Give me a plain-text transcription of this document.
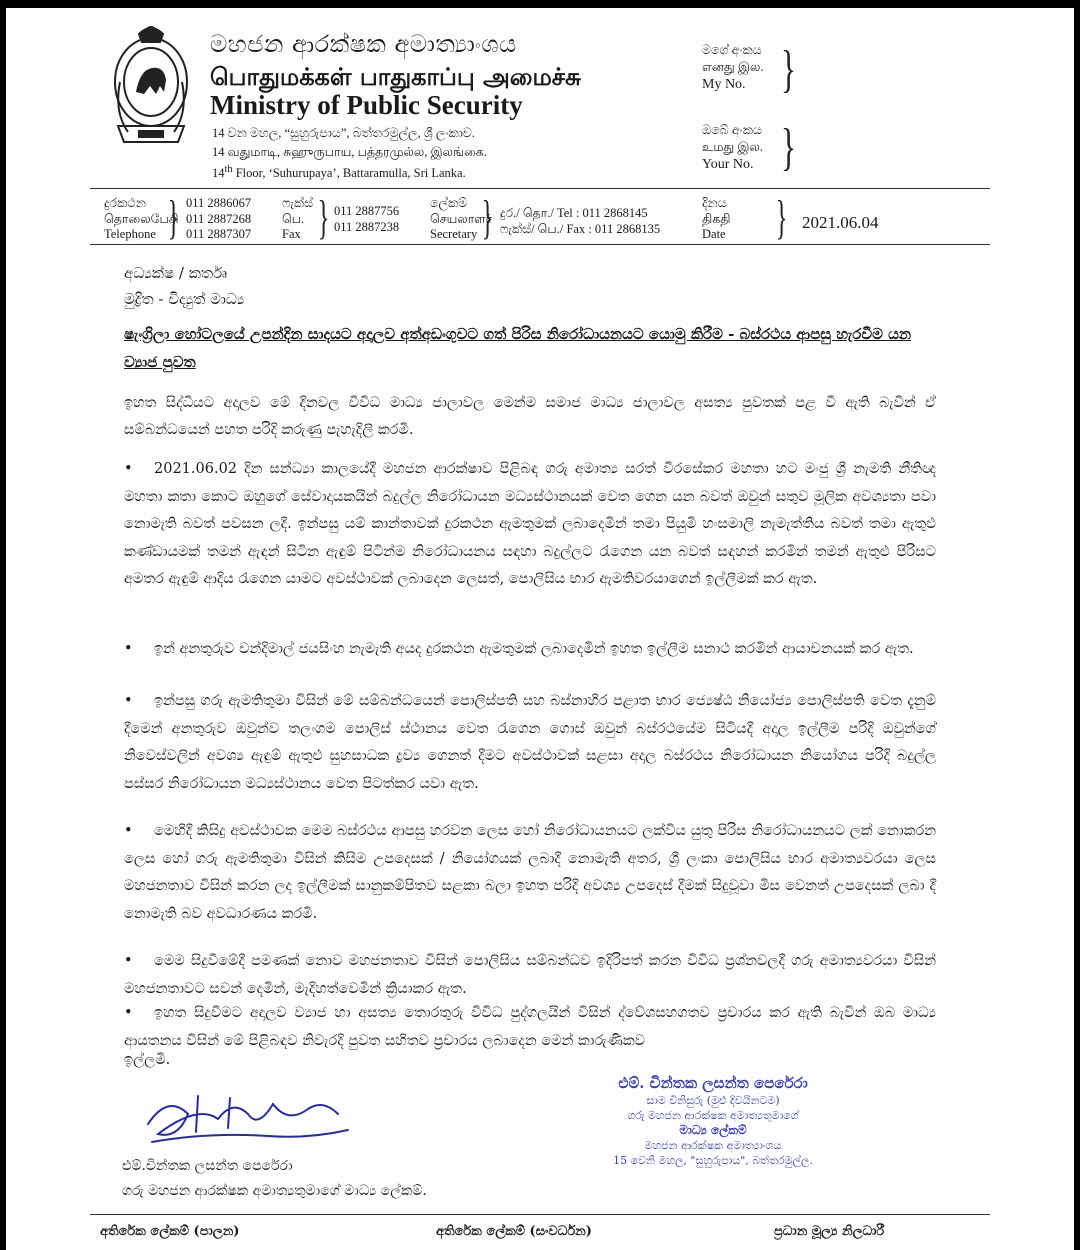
මහජන ආරක්ෂක අමාත්‍යාංශය
பொதுமக்கள் பாதுகாப்பு அமைச்சு
Ministry of Public Security
14 වන මහල, “සුහුරුපාය”, බත්තරමුල්ල, ශ්‍රී ලංකාව.
14 வதுமாடி, சுஹுருபாய, பத்தரமுல்ல, இலங்கை.
14th Floor, ‘Suhurupaya’, Battaramulla, Sri Lanka.
මගේ අංකය
எனது இல.
My No. }
ඔබේ අංකය
உமது இல.
Your No. }
දුරකථන
தொலைபேசி
Telephone } 011 2886067
011 2887268
011 2887307
ෆැක්ස්
பெ.
Fax } 011 2887756
011 2887238
ලේකම්
செயலாளர்
Secretary } දුර./ தொ./ Tel : 011 2868145
ෆැක්ස්/ பெ./ Fax : 011 2868135
දිනය
திகதி
Date } 2021.06.04
අධ්‍යක්ෂ / කර්තෘ
මුද්‍රිත - විද්‍යුත් මාධ්‍ය
ෂැංග්‍රිලා හෝටලයේ උපන්දින සාදයට අදාලව අත්අඩංගුවට ගත් පිරිස නිරෝධායනයට යොමු කිරීම - බස්රථය ආපසු හැරවීම යන ව්‍යාජ පුවත
ඉහත සිද්ධියට අදාලව මේ දිනවල විවිධ මාධ්‍ය ජාලාවල මෙන්ම සමාජ මාධ්‍ය ජාලාවල අසත්‍ය පුවතක් පළ වී ඇති බැවින් ඒ සම්බන්ධයෙන් පහත පරිදි කරුණු පැහැදිලි කරමි.
• 2021.06.02 දින සන්ධ්‍යා කාලයේදී මහජන ආරක්ෂාව පිළිබඳ ගරු අමාත්‍ය සරත් වීරසේකර මහතා හට මංජු ශ්‍රී නැමති නීතිඥ මහතා කතා කොට ඔහුගේ සේවාදායකයින් බදුල්ල නිරෝධායන මධ්‍යස්ථානයක් වෙත ගෙන යන බවත් ඔවුන් සතුව මූලික අවශ්‍යතා පවා නොමැති බවත් පවසන ලදී. ඉන්පසු යම් කාන්තාවක් දුරකථන ඇමතුමක් ලබාදෙමින් තමා පියුමි හංසමාලි නැමැත්තිය බවත් තමා ඇතුළු කණ්ඩායමක් තමන් ඇඳන් සිටින ඇඳුම් පිටින්ම නිරෝධායනය සඳහා බදුල්ලට රැගෙන යන බවත් සඳහන් කරමින් තමන් ඇතුළු පිරිසට අමතර ඇඳුම් ආදිය රැගෙන යාමට අවස්ථාවක් ලබාදෙන ලෙසත්, පොලිසිය භාර ඇමතිවරයාගෙන් ඉල්ලීමක් කර ඇත.
• ඉන් අනතුරුව චන්දිමාල් ජයසිංහ නැමැති අයද දුරකථන ඇමතුමක් ලබාදෙමින් ඉහත ඉල්ලීම සනාථ කරමින් ආයාචනයක් කර ඇත.
• ඉන්පසු ගරු ඇමතිතුමා විසින් මේ සම්බන්ධයෙන් පොලිස්පති සහ බස්නාහිර පළාත භාර ජ්‍යෙෂ්ඨ නියෝජ්‍ය පොලිස්පති වෙත දැනුම් දීමෙන් අනතුරුව ඔවුන්ව තලංගම පොලිස් ස්ථානය වෙත රැගෙන ගොස් ඔවුන් බස්රථයේම සිටියදී අදාල ඉල්ලීම පරිදි ඔවුන්ගේ නිවෙස්වලින් අවශ්‍ය ඇඳුම් ඇතුළු සුහසාධක ද්‍රව්‍ය ගෙනත් දීමට අවස්ථාවක් සළසා අදාල බස්රථය නිරෝධායන නියෝගය පරිදි බදුල්ල පස්සර නිරෝධායන මධ්‍යස්ථානය වෙත පිටත්කර යවා ඇත.
• මෙහිදී කිසිදු අවස්ථාවක මෙම බස්රථය ආපසු හරවන ලෙස හෝ නිරෝධායනයට ලක්විය යුතු පිරිස නිරෝධායනයට ලක් නොකරන ලෙස හෝ ගරු ඇමතිතුමා විසින් කිසිම උපදෙසක් / නියෝගයක් ලබාදී නොමැති අතර, ශ්‍රී ලංකා පොලිසිය භාර අමාත්‍යවරයා ලෙස මහජනතාව විසින් කරන ලද ඉල්ලීමක් සානුකම්පිතව සළකා බලා ඉහත පරිදි අවශ්‍ය උපදෙස් දීමක් සිදුවූවා මිස වෙනත් උපදෙසක් ලබා දී නොමැති බව අවධාරණය කරමි.
• මෙම සිදුවීමේදී පමණක් නොව මහජනතාව විසින් පොලිසිය සම්බන්ධව ඉදිරිපත් කරන විවිධ ප්‍රශ්නවලදී ගරු අමාත්‍යවරයා විසින් මහජනතාවට සවන් දෙමින්, මැදිහත්වෙමින් ක්‍රියාකර ඇත.
• ඉහත සිදුවීමට අදාලව ව්‍යාජ හා අසත්‍ය තොරතුරු විවිධ පුද්ගලයින් විසින් ද්වේශසහගතව ප්‍රචාරය කර ඇති බැවින් ඔබ මාධ්‍ය ආයතනය විසින් මේ පිළිබඳව නිවැරදි පුවත සහිතව ප්‍රචාරය ලබාදෙන මෙන් කාරුණිකව
ඉල්ලමි.
එම්.චින්තක ලසන්ත පෙරේරා
ගරු මහජන ආරක්ෂක අමාත්‍යතුමාගේ මාධ්‍ය ලේකම්.
එම්. චින්තක ලසන්ත පෙරේරා
සාම විනිසුරු (මුළු දිවයිනටම)
ගරු මහජන ආරක්ෂක අමාත්‍යතුමාගේ
මාධ්‍ය ලේකම්
මහජන ආරක්ෂක අමාත්‍යාංශය
15 වෙනි මහල, "සුහුරුපාය", බත්තරමුල්ල.
අතිරේක ලේකම් (පාලන)	අතිරේක ලේකම් (සංවර්ධන)	ප්‍රධාන මූල්‍ය නිලධාරී
